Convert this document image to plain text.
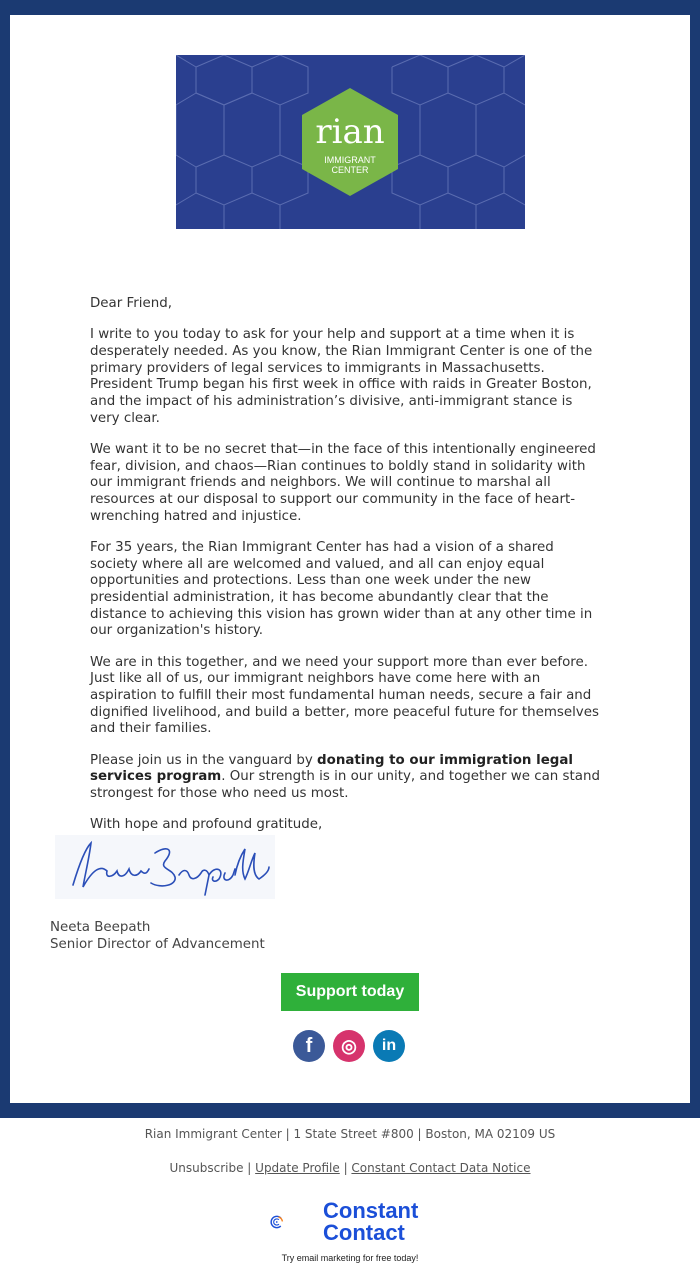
rian
IMMIGRANT
CENTER

Dear Friend,

I write to you today to ask for your help and support at a time when it is desperately needed. As you know, the Rian Immigrant Center is one of the primary providers of legal services to immigrants in Massachusetts. President Trump began his first week in office with raids in Greater Boston, and the impact of his administration’s divisive, anti-immigrant stance is very clear.

We want it to be no secret that—in the face of this intentionally engineered fear, division, and chaos—Rian continues to boldly stand in solidarity with our immigrant friends and neighbors. We will continue to marshal all resources at our disposal to support our community in the face of heart-wrenching hatred and injustice.

For 35 years, the Rian Immigrant Center has had a vision of a shared society where all are welcomed and valued, and all can enjoy equal opportunities and protections. Less than one week under the new presidential administration, it has become abundantly clear that the distance to achieving this vision has grown wider than at any other time in our organization's history.

We are in this together, and we need your support more than ever before. Just like all of us, our immigrant neighbors have come here with an aspiration to fulfill their most fundamental human needs, secure a fair and dignified livelihood, and build a better, more peaceful future for themselves and their families.

Please join us in the vanguard by donating to our immigration legal services program. Our strength is in our unity, and together we can stand strongest for those who need us most.

With hope and profound gratitude,

Neeta Beepath
Senior Director of Advancement
Support today
f	◎	in
Rian Immigrant Center | 1 State Street #800 | Boston, MA 02109 US
Unsubscribe | Update Profile | Constant Contact Data Notice
Constant
Contact
Try email marketing for free today!
